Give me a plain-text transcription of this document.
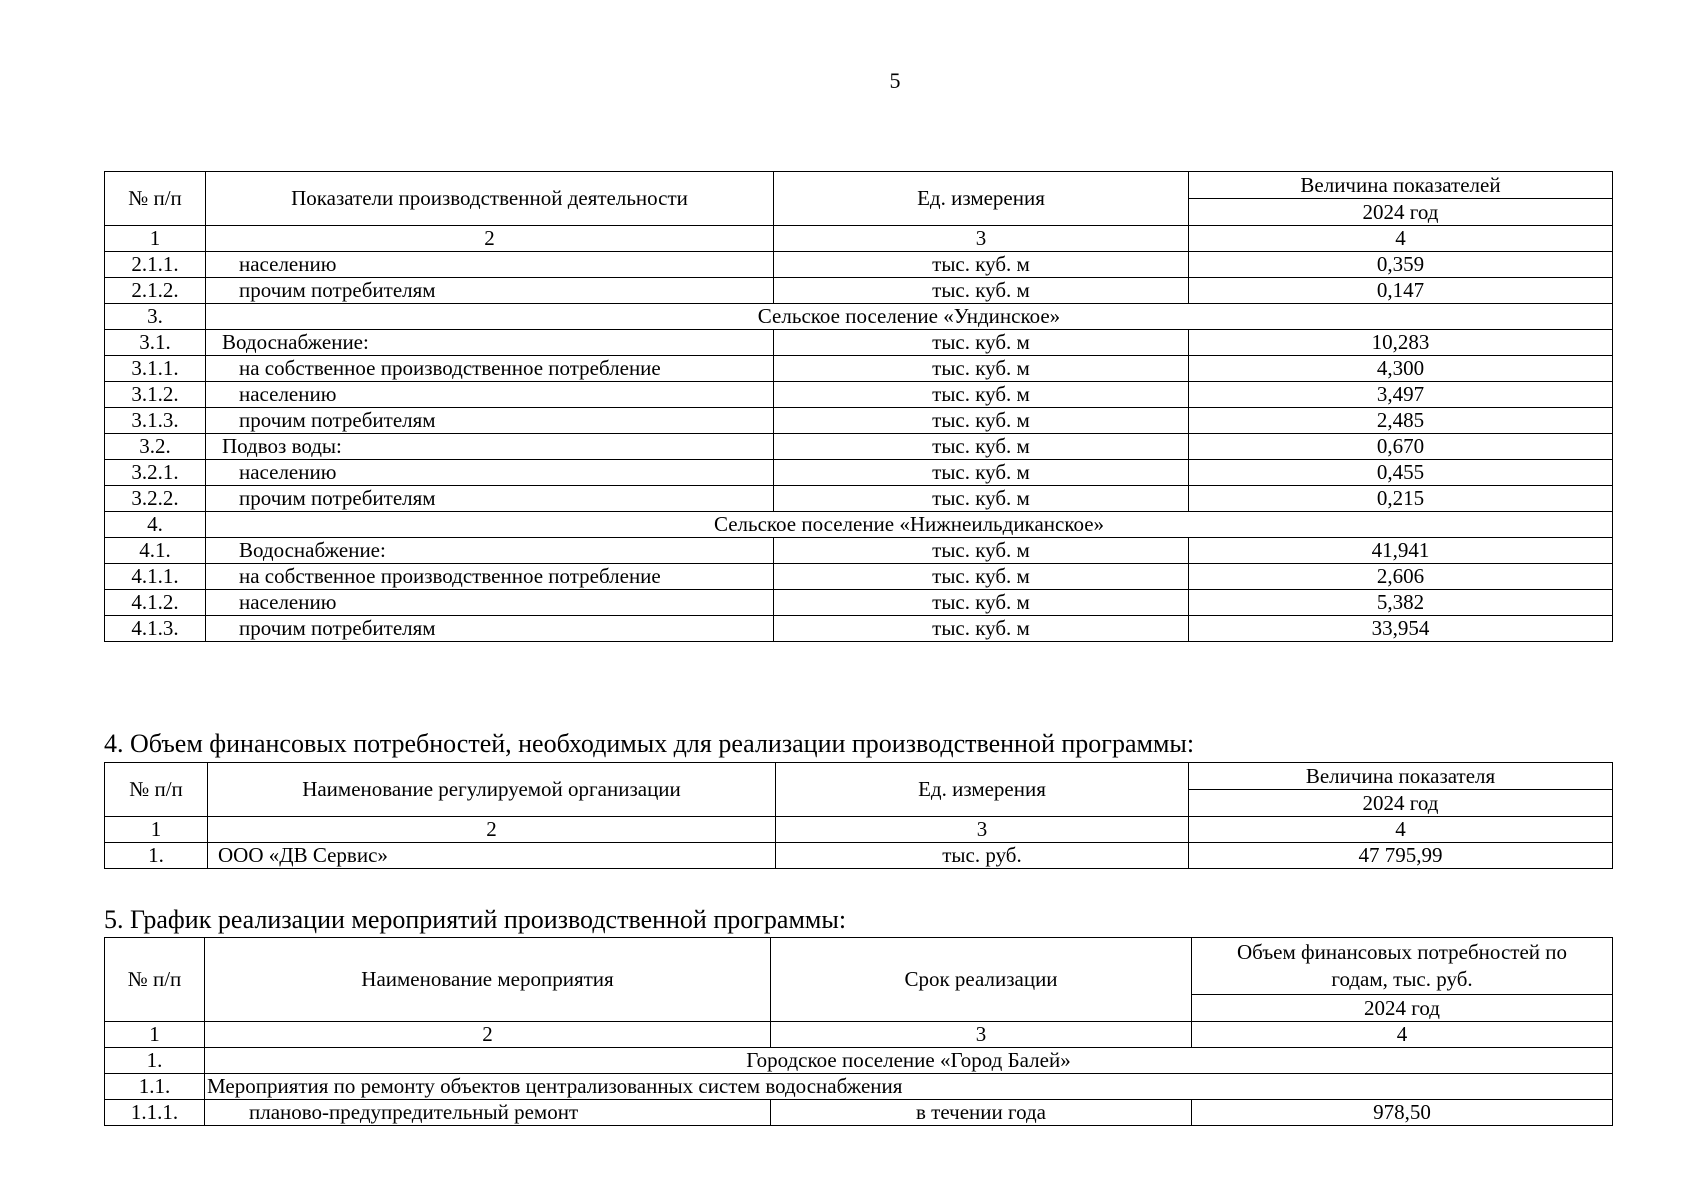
5
№ п/п	Показатели производственной деятельности	Ед. измерения	Величина показателей
			2024 год
1	2	3	4
2.1.1.	населению	тыс. куб. м	0,359
2.1.2.	прочим потребителям	тыс. куб. м	0,147
3.	Сельское поселение «Ундинское»		
3.1.	Водоснабжение:	тыс. куб. м	10,283
3.1.1.	на собственное производственное потребление	тыс. куб. м	4,300
3.1.2.	населению	тыс. куб. м	3,497
3.1.3.	прочим потребителям	тыс. куб. м	2,485
3.2.	Подвоз воды:	тыс. куб. м	0,670
3.2.1.	населению	тыс. куб. м	0,455
3.2.2.	прочим потребителям	тыс. куб. м	0,215
4.	Сельское поселение «Нижнеильдиканское»		
4.1.	Водоснабжение:	тыс. куб. м	41,941
4.1.1.	на собственное производственное потребление	тыс. куб. м	2,606
4.1.2.	населению	тыс. куб. м	5,382
4.1.3.	прочим потребителям	тыс. куб. м	33,954
4. Объем финансовых потребностей, необходимых для реализации производственной программы:
№ п/п	Наименование регулируемой организации	Ед. измерения	Величина показателя
			2024 год
1	2	3	4
1.	ООО «ДВ Сервис»	тыс. руб.	47 795,99
5. График реализации мероприятий производственной программы:
№ п/п	Наименование мероприятия	Срок реализации	Объем финансовых потребностей по
годам, тыс. руб.
			2024 год
1	2	3	4
1.	Городское поселение «Город Балей»		
1.1.	Мероприятия по ремонту объектов централизованных систем водоснабжения		
1.1.1.	планово-предупредительный ремонт	в течении года	978,50
